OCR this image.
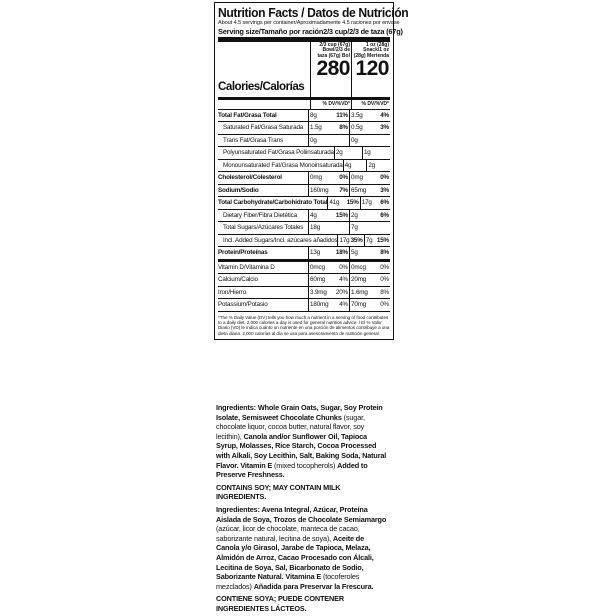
Nutrition Facts / Datos de Nutrición
About 4.5 servings per container/Aproximadamente 4.5 raciones por envase
Serving size/Tamaño por ración 2/3 cup/2/3 de taza (67g)
Calories/Calorías
2/3 cup (67g) Bowl/2/3 de taza (67g) Bol
280
1 oz (28g) Snack/1 oz (28g) Merienda
120
% DV/%VD*	% DV/%VD*
Total Fat/Grasa Total	8g	11% 3.5g	4%
Saturated Fat/Grasa Saturada	1.5g	8% 0.5g	3%
Trans Fat/Grasa Trans	0g	0g
Polyunsaturated Fat/Grasa Poliinsaturada 2g	1g
Monounsaturated Fat/Grasa Monoinsaturada 4g	2g
Cholesterol/Colesterol	0mg	0% 0mg	0%
Sodium/Sodio	160mg	7% 65mg	3%
Total Carbohydrate/Carbohidrato Total 41g	15% 17g	6%
Dietary Fiber/Fibra Dietética	4g	15% 2g	6%
Total Sugars/Azúcares Totales	18g	7g
Incl. Added Sugars/Incl. azúcares añadidos 17g 35% 7g 15%
Protein/Proteínas	13g	18% 5g	8%
Vitamin D/Vitamina D	0mcg	0% 0mcg	0%
Calcium/Calcio	60mg	4% 20mg	0%
Iron/Hierro	3.9mg	20% 1.6mg	8%
Potassium/Potasio	180mg	4% 70mg	0%
*The % Daily Value (DV) tells you how much a nutrient in a serving of food contributes to a daily diet. 2,000 calories a day is used for general nutrition advice. / El % Valor Diario (VD) le indica cuánto un nutriente en una porción de alimentos contribuye a una dieta diaria. 2,000 calorías al día se usa para asesoramiento de nutrición general.

Ingredients: Whole Grain Oats, Sugar, Soy Protein Isolate, Semisweet Chocolate Chunks (sugar, chocolate liquor, cocoa butter, natural flavor, soy lecithin), Canola and/or Sunflower Oil, Tapioca Syrup, Molasses, Rice Starch, Cocoa Processed with Alkali, Soy Lecithin, Salt, Baking Soda, Natural Flavor. Vitamin E (mixed tocopherols) Added to Preserve Freshness.

CONTAINS SOY; MAY CONTAIN MILK INGREDIENTS.

Ingredientes: Avena Integral, Azúcar, Proteína Aislada de Soya, Trozos de Chocolate Semiamargo (azúcar, licor de chocolate, manteca de cacao, saborizante natural, lecitina de soya), Aceite de Canola y/o Girasol, Jarabe de Tapioca, Melaza, Almidón de Arroz, Cacao Procesado con Álcali, Lecitina de Soya, Sal, Bicarbonato de Sodio, Saborizante Natural. Vitamina E (tocoferoles mezclados) Añadida para Preservar la Frescura.

CONTIENE SOYA; PUEDE CONTENER INGREDIENTES LÁCTEOS.
